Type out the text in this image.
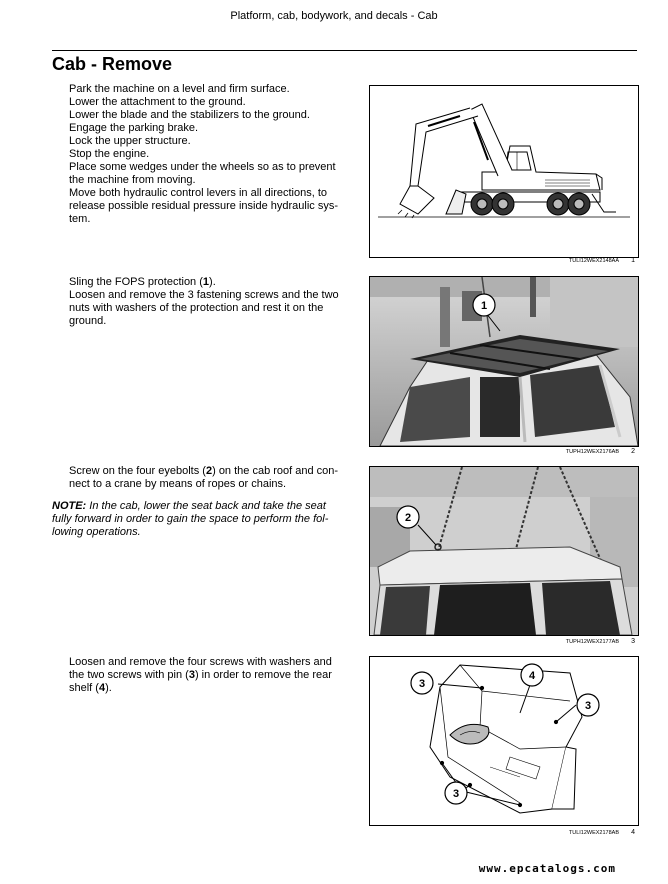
Platform, cab, bodywork, and decals - Cab
Cab - Remove
Park the machine on a level and firm surface.
Lower the attachment to the ground.
Lower the blade and the stabilizers to the ground.
Engage the parking brake.
Lock the upper structure.
Stop the engine.
Place some wedges under the wheels so as to prevent
the machine from moving.
Move both hydraulic control levers in all directions, to
release possible residual pressure inside hydraulic sys-
tem.
TULI12WEX2148AA 1
Sling the FOPS protection (1).
Loosen and remove the 3 fastening screws and the two
nuts with washers of the protection and rest it on the
ground.
1
TUPH12WEX2176AB 2
Screw on the four eyebolts (2) on the cab roof and con-
nect to a crane by means of ropes or chains.
NOTE: In the cab, lower the seat back and take the seat
fully forward in order to gain the space to perform the fol-
lowing operations.
2
TUPH12WEX2177AB 3
Loosen and remove the four screws with washers and
the two screws with pin (3) in order to remove the rear
shelf (4).	3
4
3
3
TULI12WEX2178AB 4
www.epcatalogs.com
